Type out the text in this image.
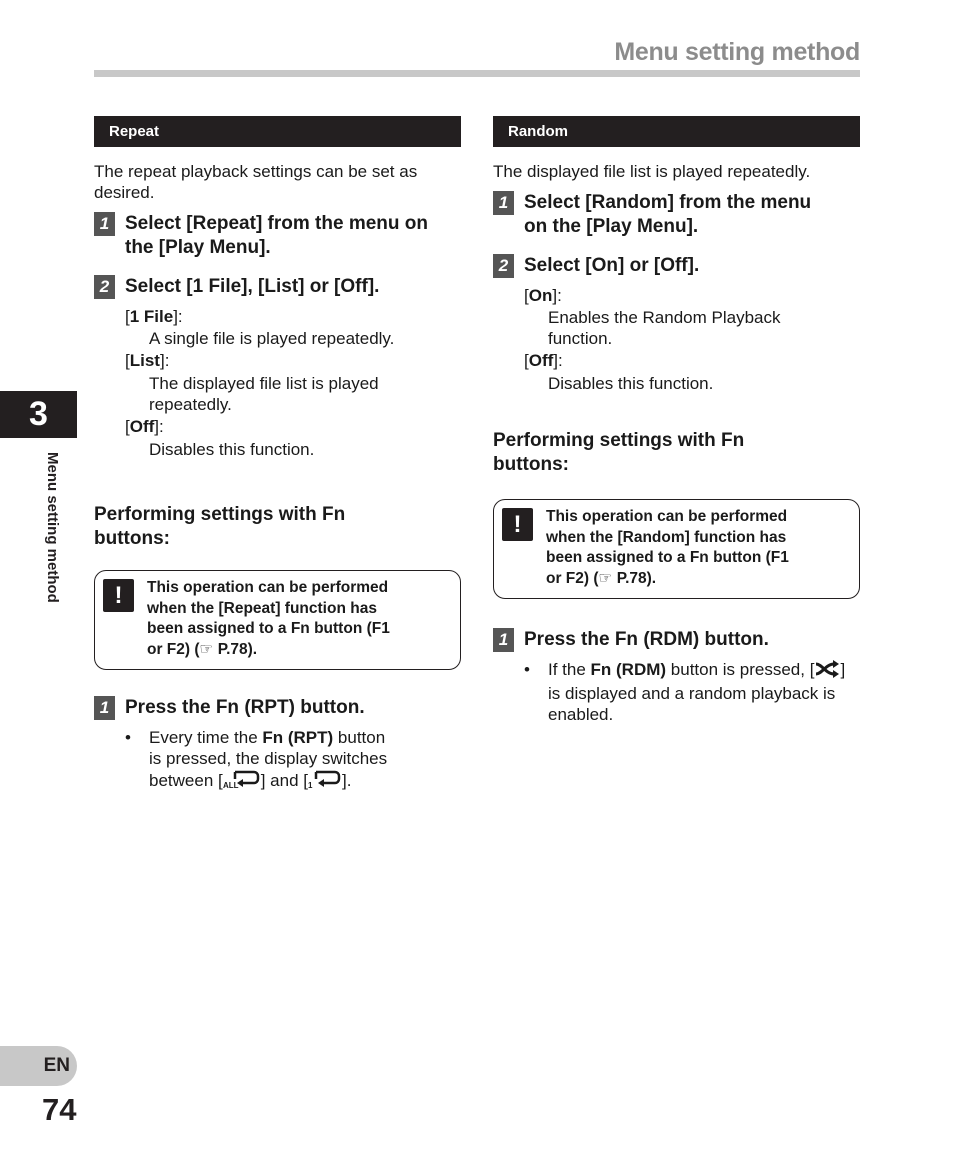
Menu setting method
3
Menu setting method
EN
74
Repeat
The repeat playback settings can be set as
desired.
1 Select [Repeat] from the menu on
the [Play Menu].
2 Select [1 File], [List] or [Off].
[1 File]:
A single file is played repeatedly.
[List]:
The displayed file list is played
repeatedly.
[Off]:
Disables this function.
Performing settings with Fn
buttons:
!	This operation can be performed
when the [Repeat] function has
been assigned to a Fn button (F1
or F2) (☞ P.78).
1 Press the Fn (RPT) button.
• Every time the Fn (RPT) button
is pressed, the display switches
between [ ALL ] and [ 1 ].
Random
The displayed file list is played repeatedly.
1 Select [Random] from the menu
on the [Play Menu].
2 Select [On] or [Off].
[On]:
Enables the Random Playback
function.
[Off]:
Disables this function.
Performing settings with Fn
buttons:
!	This operation can be performed
when the [Random] function has
been assigned to a Fn button (F1
or F2) (☞ P.78).
1 Press the Fn (RDM) button.
• If the Fn (RDM) button is pressed, [ ]
is displayed and a random playback is
enabled.
